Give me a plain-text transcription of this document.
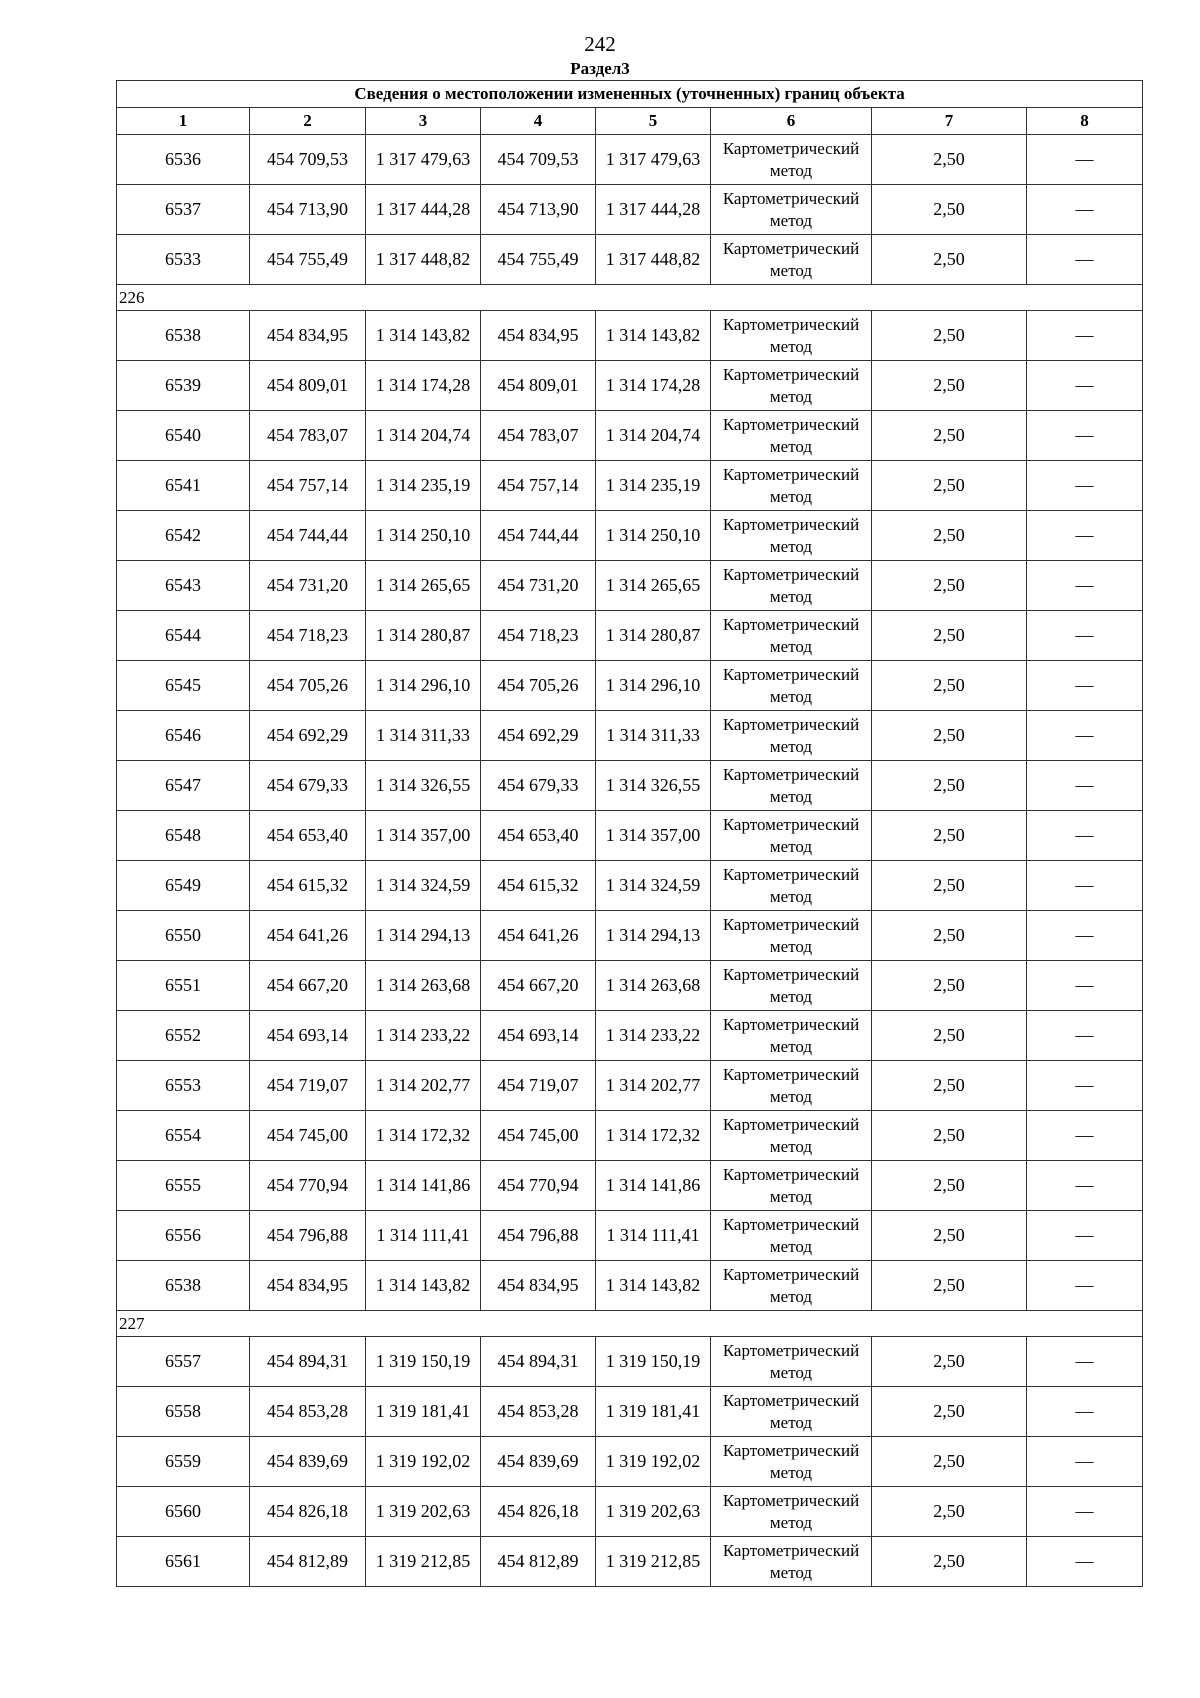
242
Раздел3
Сведения о местоположении измененных (уточненных) границ объекта							
1	2	3	4	5	6	7	8
6536	454 709,53	1 317 479,63	454 709,53	1 317 479,63	Картометрический метод	2,50	—
6537	454 713,90	1 317 444,28	454 713,90	1 317 444,28	Картометрический метод	2,50	—
6533	454 755,49	1 317 448,82	454 755,49	1 317 448,82	Картометрический метод	2,50	—
226							
6538	454 834,95	1 314 143,82	454 834,95	1 314 143,82	Картометрический метод	2,50	—
6539	454 809,01	1 314 174,28	454 809,01	1 314 174,28	Картометрический метод	2,50	—
6540	454 783,07	1 314 204,74	454 783,07	1 314 204,74	Картометрический метод	2,50	—
6541	454 757,14	1 314 235,19	454 757,14	1 314 235,19	Картометрический метод	2,50	—
6542	454 744,44	1 314 250,10	454 744,44	1 314 250,10	Картометрический метод	2,50	—
6543	454 731,20	1 314 265,65	454 731,20	1 314 265,65	Картометрический метод	2,50	—
6544	454 718,23	1 314 280,87	454 718,23	1 314 280,87	Картометрический метод	2,50	—
6545	454 705,26	1 314 296,10	454 705,26	1 314 296,10	Картометрический метод	2,50	—
6546	454 692,29	1 314 311,33	454 692,29	1 314 311,33	Картометрический метод	2,50	—
6547	454 679,33	1 314 326,55	454 679,33	1 314 326,55	Картометрический метод	2,50	—
6548	454 653,40	1 314 357,00	454 653,40	1 314 357,00	Картометрический метод	2,50	—
6549	454 615,32	1 314 324,59	454 615,32	1 314 324,59	Картометрический метод	2,50	—
6550	454 641,26	1 314 294,13	454 641,26	1 314 294,13	Картометрический метод	2,50	—
6551	454 667,20	1 314 263,68	454 667,20	1 314 263,68	Картометрический метод	2,50	—
6552	454 693,14	1 314 233,22	454 693,14	1 314 233,22	Картометрический метод	2,50	—
6553	454 719,07	1 314 202,77	454 719,07	1 314 202,77	Картометрический метод	2,50	—
6554	454 745,00	1 314 172,32	454 745,00	1 314 172,32	Картометрический метод	2,50	—
6555	454 770,94	1 314 141,86	454 770,94	1 314 141,86	Картометрический метод	2,50	—
6556	454 796,88	1 314 111,41	454 796,88	1 314 111,41	Картометрический метод	2,50	—
6538	454 834,95	1 314 143,82	454 834,95	1 314 143,82	Картометрический метод	2,50	—
227							
6557	454 894,31	1 319 150,19	454 894,31	1 319 150,19	Картометрический метод	2,50	—
6558	454 853,28	1 319 181,41	454 853,28	1 319 181,41	Картометрический метод	2,50	—
6559	454 839,69	1 319 192,02	454 839,69	1 319 192,02	Картометрический метод	2,50	—
6560	454 826,18	1 319 202,63	454 826,18	1 319 202,63	Картометрический метод	2,50	—
6561	454 812,89	1 319 212,85	454 812,89	1 319 212,85	Картометрический метод	2,50	—
